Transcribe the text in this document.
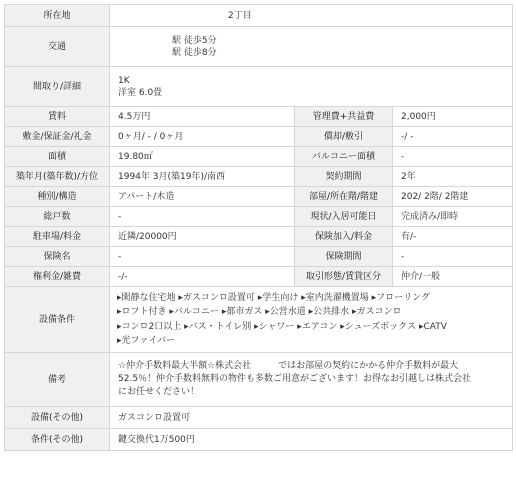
所在地	2丁目		
交通	駅 徒歩5分
駅 徒歩8分		

間取り/詳細	1K
洋室 6.0畳		

賃料	4.5万円	管理費+共益費	2,000円
敷金/保証金/礼金	0ヶ月/ - / 0ヶ月	償却/敷引	-/ -
面積	19.80㎡	バルコニー面積	-
築年月(築年数)/方位	1994年 3月(築19年)/南西	契約期間	2年
種別/構造	アパート/木造	部屋/所在階/階建	202/ 2階/ 2階建
総戸数	-	現状/入居可能日	完成済み/即時
駐車場/料金	近隣/20000円	保険加入/料金	有/-
保険名	-	保険期間	-
権利金/雑費	-/-	取引形態/賃貸区分	仲介/一般
設備条件	▸閑静な住宅地 ▸ガスコンロ設置可 ▸学生向け ▸室内洗濯機置場 ▸フローリング
▸ロフト付き ▸バルコニー ▸都市ガス ▸公営水道 ▸公共排水 ▸ガスコンロ
▸コンロ2口以上 ▸バス・トイレ別 ▸シャワー ▸エアコン ▸シューズボックス ▸CATV
▸光ファイバー		

備考	☆仲介手数料最大半額☆株式会社　　　ではお部屋の契約にかかる仲介手数料が最大
52.5％！仲介手数料無料の物件も多数ご用意がございます！お得なお引越しは株式会社
にお任せください！		

設備(その他)	ガスコンロ設置可		
条件(その他)	鍵交換代1万500円		
